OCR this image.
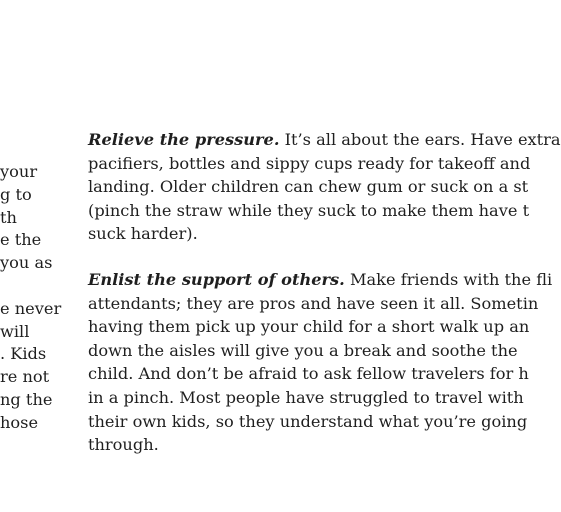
your
g to
th
e the
you as
e never
will
. Kids
re not
ng the
hose
Relieve the pressure. It’s all about the ears. Have extra
pacifiers, bottles and sippy cups ready for takeoff and
landing. Older children can chew gum or suck on a st
(pinch the straw while they suck to make them have t
suck harder).
Enlist the support of others. Make friends with the fli
attendants; they are pros and have seen it all. Sometin
having them pick up your child for a short walk up an
down the aisles will give you a break and soothe the
child. And don’t be afraid to ask fellow travelers for h
in a pinch. Most people have struggled to travel with
their own kids, so they understand what you’re going
through.
